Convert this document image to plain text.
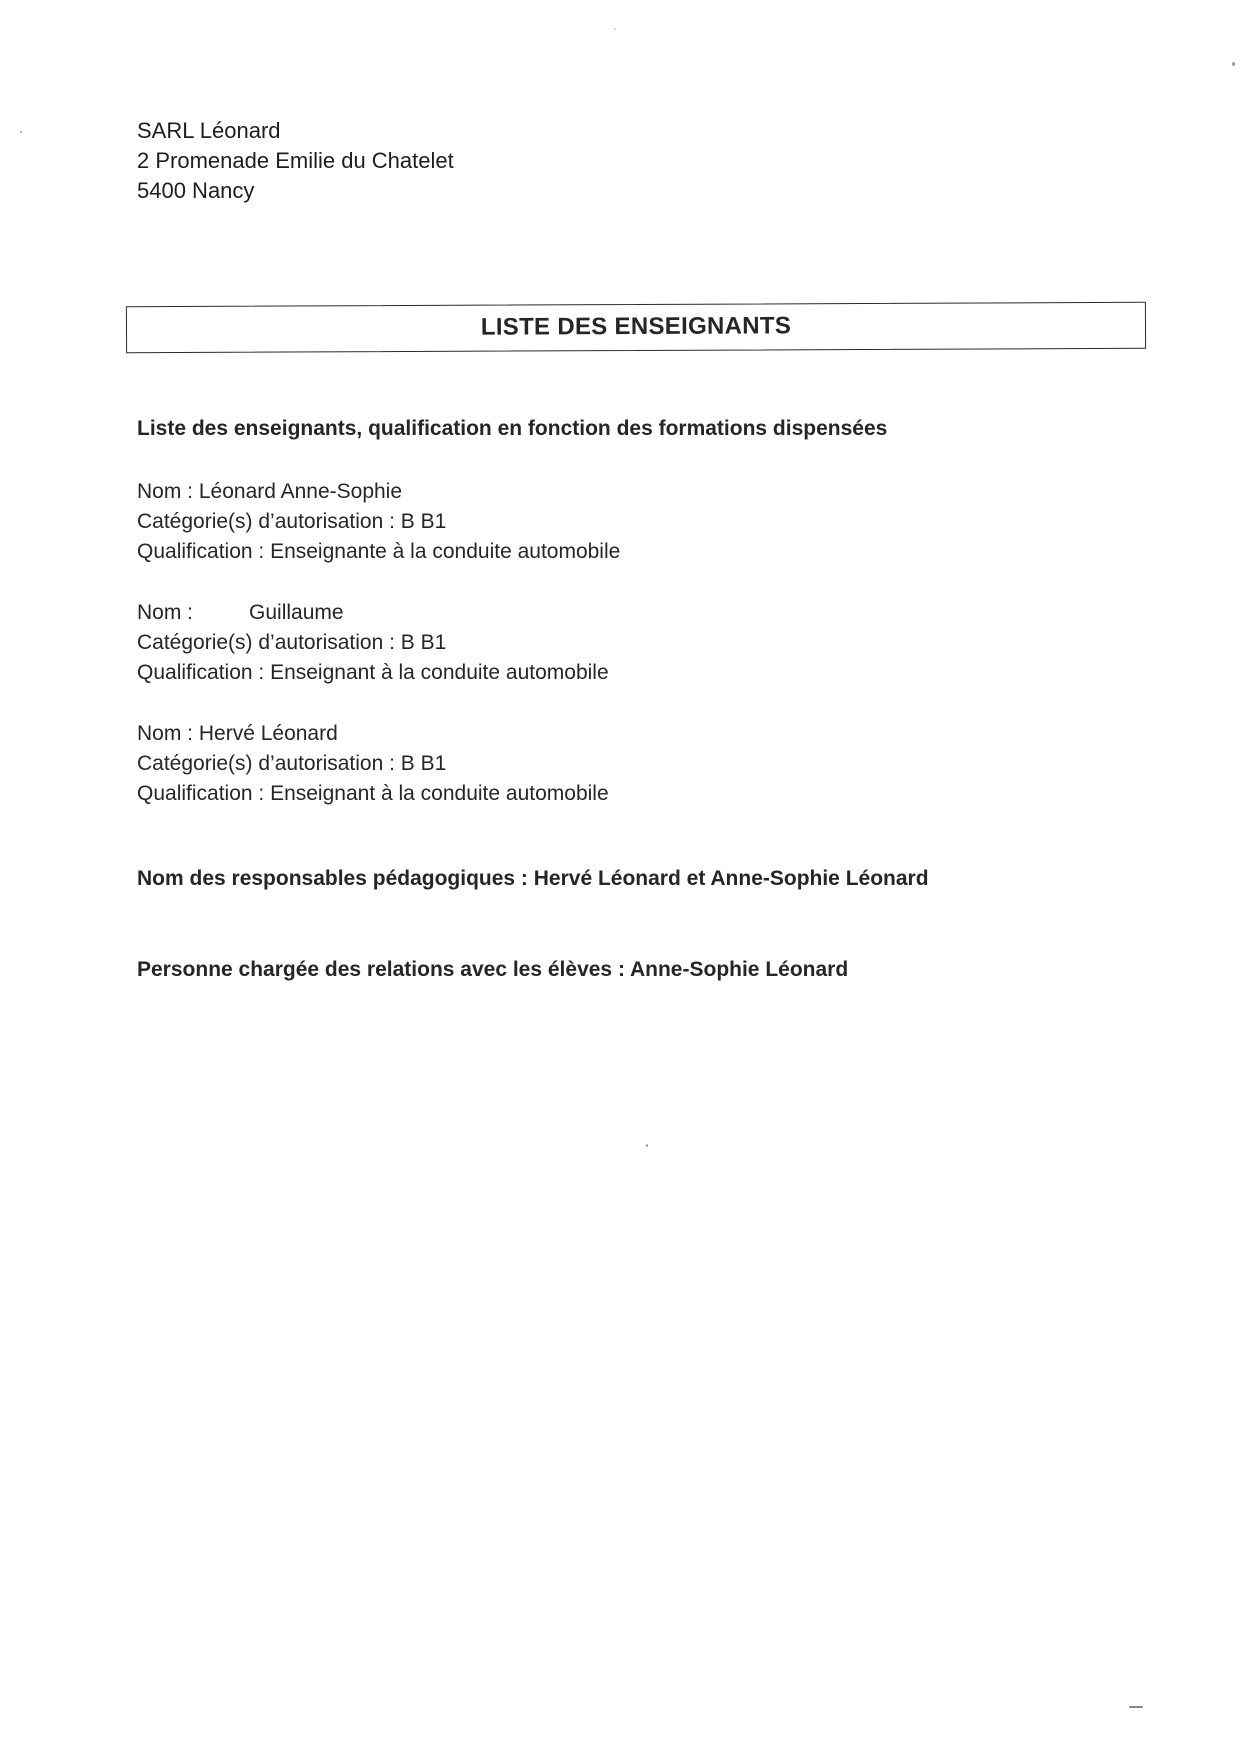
SARL Léonard
2 Promenade Emilie du Chatelet
5400 Nancy
LISTE DES ENSEIGNANTS
Liste des enseignants, qualification en fonction des formations dispensées
Nom : Léonard Anne-Sophie
Catégorie(s) d’autorisation : B B1
Qualification : Enseignante à la conduite automobile
Nom :	Guillaume
Catégorie(s) d’autorisation : B B1
Qualification : Enseignant à la conduite automobile
Nom : Hervé Léonard
Catégorie(s) d’autorisation : B B1
Qualification : Enseignant à la conduite automobile
Nom des responsables pédagogiques : Hervé Léonard et Anne-Sophie Léonard
Personne chargée des relations avec les élèves : Anne-Sophie Léonard
